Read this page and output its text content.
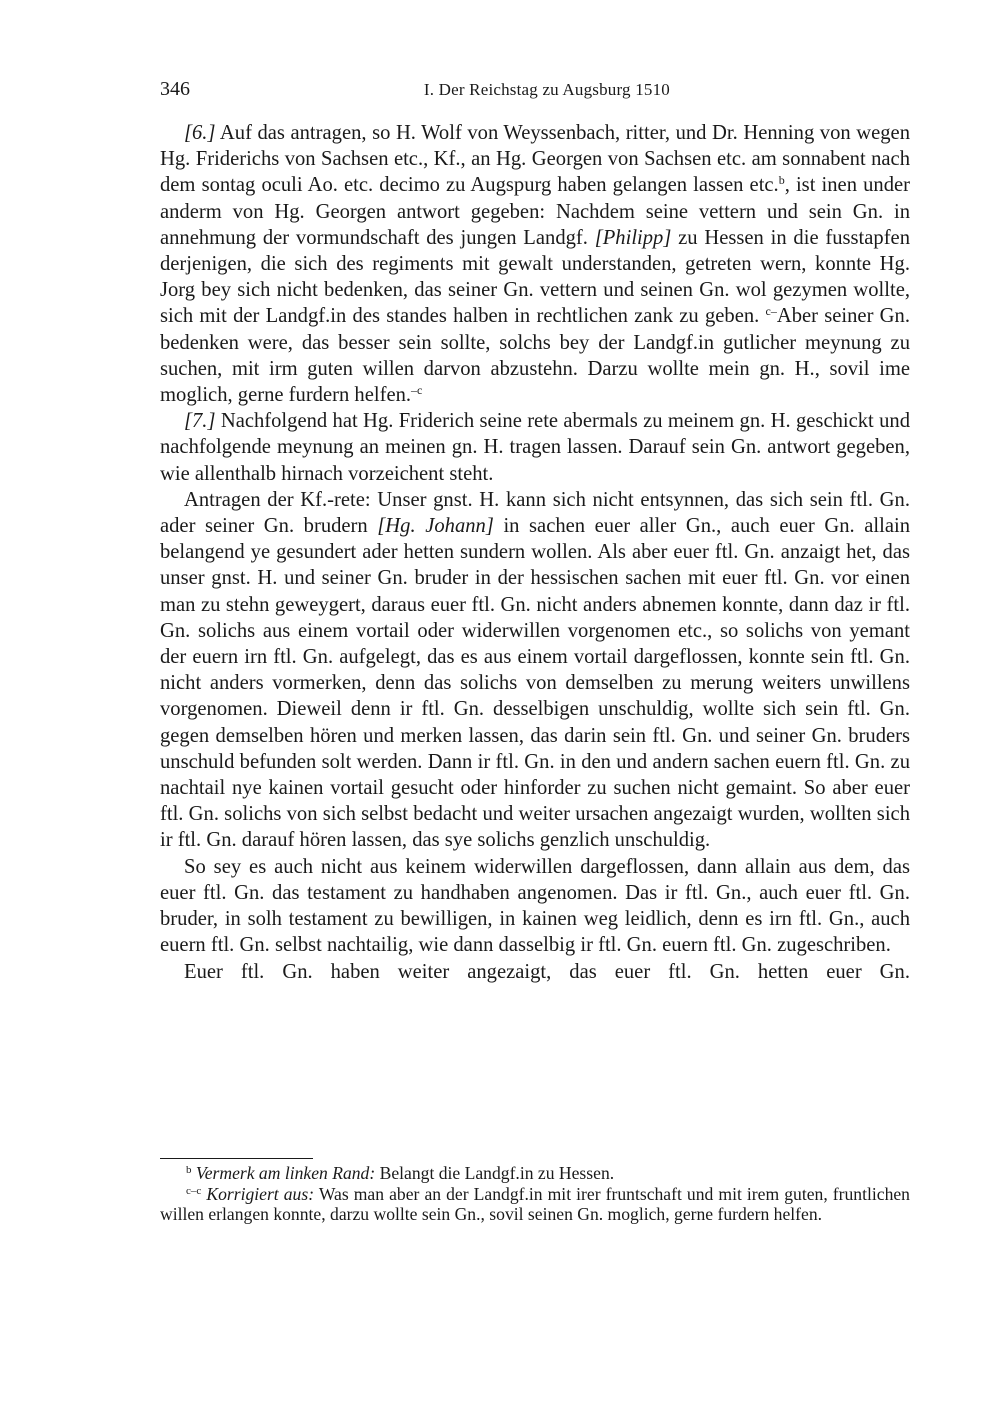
346	I. Der Reichstag zu Augsburg 1510

[6.] Auf das antragen, so H. Wolf von Weyssenbach, ritter, und Dr. Henning von wegen Hg. Friderichs von Sachsen etc., Kf., an Hg. Georgen von Sachsen etc. am sonnabent nach dem sontag oculi Ao. etc. decimo zu Augspurg haben gelangen lassen etc.$^b$, ist inen under anderm von Hg. Georgen antwort gegeben: Nachdem seine vettern und sein Gn. in annehmung der vormundschaft des jungen Landgf. [Philipp] zu Hessen in die fusstapfen derjenigen, die sich des regiments mit gewalt understanden, getreten wern, konnte Hg. Jorg bey sich nicht bedenken, das seiner Gn. vettern und seinen Gn. wol gezymen wollte, sich mit der Landgf.in des standes halben in rechtlichen zank zu geben. $^{c-}$Aber seiner Gn. bedenken were, das besser sein sollte, solchs bey der Landgf.in gutlicher meynung zu suchen, mit irm guten willen darvon abzustehn. Darzu wollte mein gn. H., sovil ime moglich, gerne furdern helfen.$^{-c}$

[7.] Nachfolgend hat Hg. Friderich seine rete abermals zu meinem gn. H. geschickt und nachfolgende meynung an meinen gn. H. tragen lassen. Darauf sein Gn. antwort gegeben, wie allenthalb hirnach vorzeichent steht.

Antragen der Kf.-rete: Unser gnst. H. kann sich nicht entsynnen, das sich sein ftl. Gn. ader seiner Gn. brudern [Hg. Johann] in sachen euer aller Gn., auch euer Gn. allain belangend ye gesundert ader hetten sundern wollen. Als aber euer ftl. Gn. anzaigt het, das unser gnst. H. und seiner Gn. bruder in der hessischen sachen mit euer ftl. Gn. vor einen man zu stehn geweygert, daraus euer ftl. Gn. nicht anders abnemen konnte, dann daz ir ftl. Gn. solichs aus einem vortail oder widerwillen vorgenomen etc., so solichs von yemant der euern irn ftl. Gn. aufgelegt, das es aus einem vortail dargeflossen, konnte sein ftl. Gn. nicht anders vormerken, denn das solichs von demselben zu merung weiters unwillens vorgenomen. Dieweil denn ir ftl. Gn. desselbigen unschuldig, wollte sich sein ftl. Gn. gegen demselben hören und merken lassen, das darin sein ftl. Gn. und seiner Gn. bruders unschuld befunden solt werden. Dann ir ftl. Gn. in den und andern sachen euern ftl. Gn. zu nachtail nye kainen vortail gesucht oder hinforder zu suchen nicht gemaint. So aber euer ftl. Gn. solichs von sich selbst bedacht und weiter ursachen angezaigt wurden, wollten sich ir ftl. Gn. darauf hören lassen, das sye solichs genzlich unschuldig.

So sey es auch nicht aus keinem widerwillen dargeflossen, dann allain aus dem, das euer ftl. Gn. das testament zu handhaben angenomen. Das ir ftl. Gn., auch euer ftl. Gn. bruder, in solh testament zu bewilligen, in kainen weg leidlich, denn es irn ftl. Gn., auch euern ftl. Gn. selbst nachtailig, wie dann dasselbig ir ftl. Gn. euern ftl. Gn. zugeschriben.

Euer ftl. Gn. haben weiter angezaigt, das euer ftl. Gn. hetten euer Gn.

$^b$ Vermerk am linken Rand: Belangt die Landgf.in zu Hessen.

$^{c-c}$ Korrigiert aus: Was man aber an der Landgf.in mit irer fruntschaft und mit irem guten, fruntlichen willen erlangen konnte, darzu wollte sein Gn., sovil seinen Gn. moglich, gerne furdern helfen.
